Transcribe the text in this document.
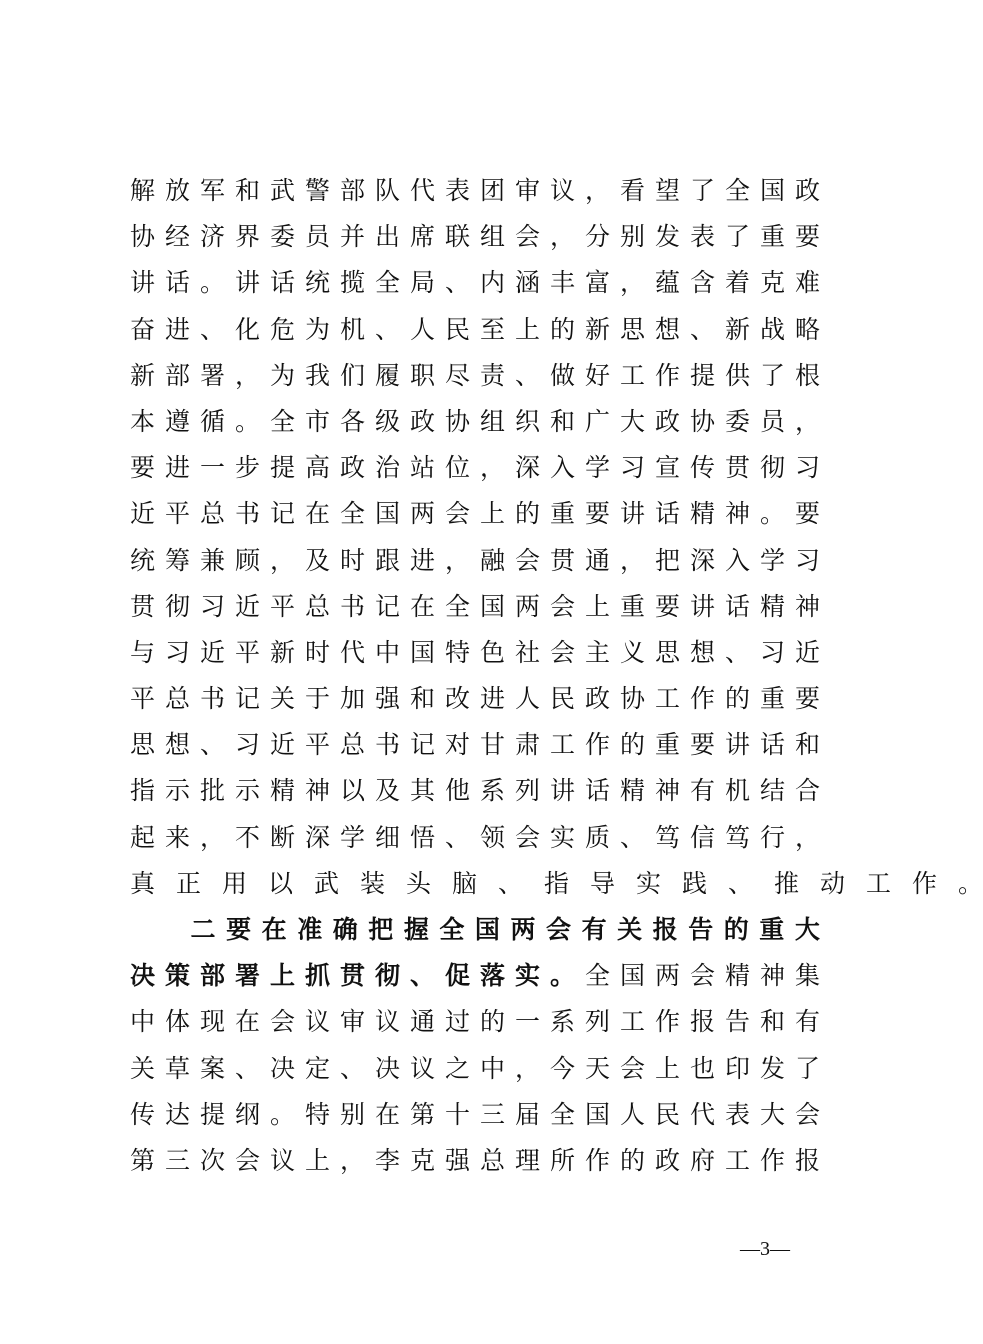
解 放 军 和 武 警 部 队 代 表 团 审 议 ， 看 望 了 全 国 政
协 经 济 界 委 员 并 出 席 联 组 会 ， 分 别 发 表 了 重 要
讲 话 。 讲 话 统 揽 全 局 、 内 涵 丰 富 ， 蕴 含 着 克 难
奋 进 、 化 危 为 机 、 人 民 至 上 的 新 思 想 、 新 战 略
新 部 署 ， 为 我 们 履 职 尽 责 、 做 好 工 作 提 供 了 根
本 遵 循 。 全 市 各 级 政 协 组 织 和 广 大 政 协 委 员 ，
要 进 一 步 提 高 政 治 站 位 ， 深 入 学 习 宣 传 贯 彻 习
近 平 总 书 记 在 全 国 两 会 上 的 重 要 讲 话 精 神 。 要
统 筹 兼 顾 ， 及 时 跟 进 ， 融 会 贯 通 ， 把 深 入 学 习
贯 彻 习 近 平 总 书 记 在 全 国 两 会 上 重 要 讲 话 精 神
与 习 近 平 新 时 代 中 国 特 色 社 会 主 义 思 想 、 习 近
平 总 书 记 关 于 加 强 和 改 进 人 民 政 协 工 作 的 重 要
思 想 、 习 近 平 总 书 记 对 甘 肃 工 作 的 重 要 讲 话 和
指 示 批 示 精 神 以 及 其 他 系 列 讲 话 精 神 有 机 结 合
起 来 ， 不 断 深 学 细 悟 、 领 会 实 质 、 笃 信 笃 行 ，
真 正 用 以 武 装 头 脑 、 指 导 实 践 、 推 动 工 作 。
二 要 在 准 确 把 握 全 国 两 会 有 关 报 告 的 重 大
决 策 部 署 上 抓 贯 彻 、 促 落 实 。 全 国 两 会 精 神 集
中 体 现 在 会 议 审 议 通 过 的 一 系 列 工 作 报 告 和 有
关 草 案 、 决 定 、 决 议 之 中 ， 今 天 会 上 也 印 发 了
传 达 提 纲 。 特 别 在 第 十 三 届 全 国 人 民 代 表 大 会
第 三 次 会 议 上 ， 李 克 强 总 理 所 作 的 政 府 工 作 报
—3—
